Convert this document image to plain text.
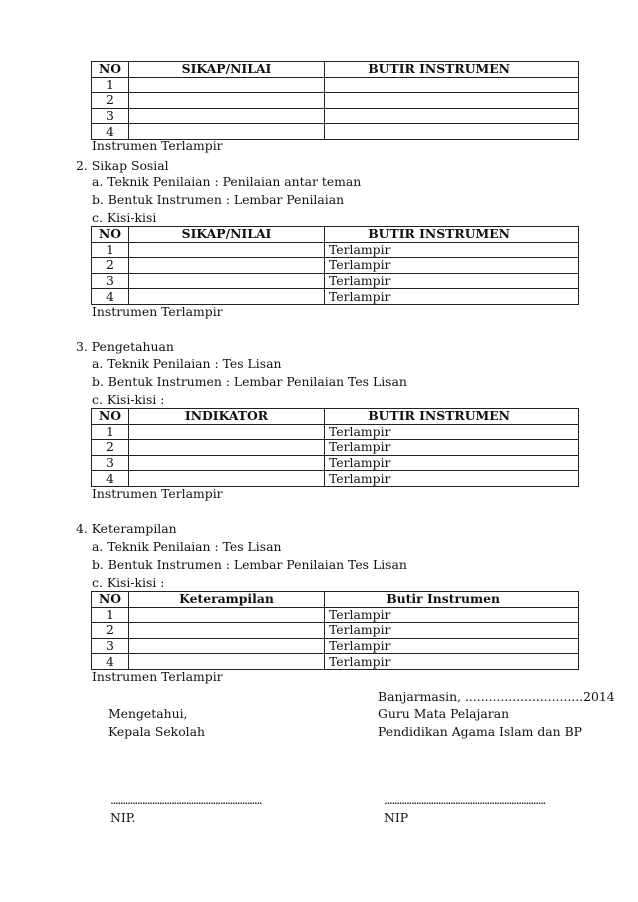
NO	SIKAP/NILAI	BUTIR INSTRUMEN
1		
2		
3		
4		
Instrumen Terlampir
2. Sikap Sosial
a. Teknik Penilaian : Penilaian antar teman
b. Bentuk Instrumen : Lembar Penilaian
c. Kisi-kisi
NO	SIKAP/NILAI	BUTIR INSTRUMEN
1		Terlampir
2		Terlampir
3		Terlampir
4		Terlampir
Instrumen Terlampir
3. Pengetahuan
a. Teknik Penilaian : Tes Lisan
b. Bentuk Instrumen : Lembar Penilaian Tes Lisan
c. Kisi-kisi :
NO	INDIKATOR	BUTIR INSTRUMEN
1		Terlampir
2		Terlampir
3		Terlampir
4		Terlampir
Instrumen Terlampir
4. Keterampilan
a. Teknik Penilaian : Tes Lisan
b. Bentuk Instrumen : Lembar Penilaian Tes Lisan
c. Kisi-kisi :
NO	Keterampilan	Butir Instrumen
1		Terlampir
2		Terlampir
3		Terlampir
4		Terlampir
Instrumen Terlampir
Banjarmasin, ..............................2014
Mengetahui,	Guru Mata Pelajaran
Kepala Sekolah	Pendidikan Agama Islam dan BP
..............................................................	..................................................................
NIP.	NIP
